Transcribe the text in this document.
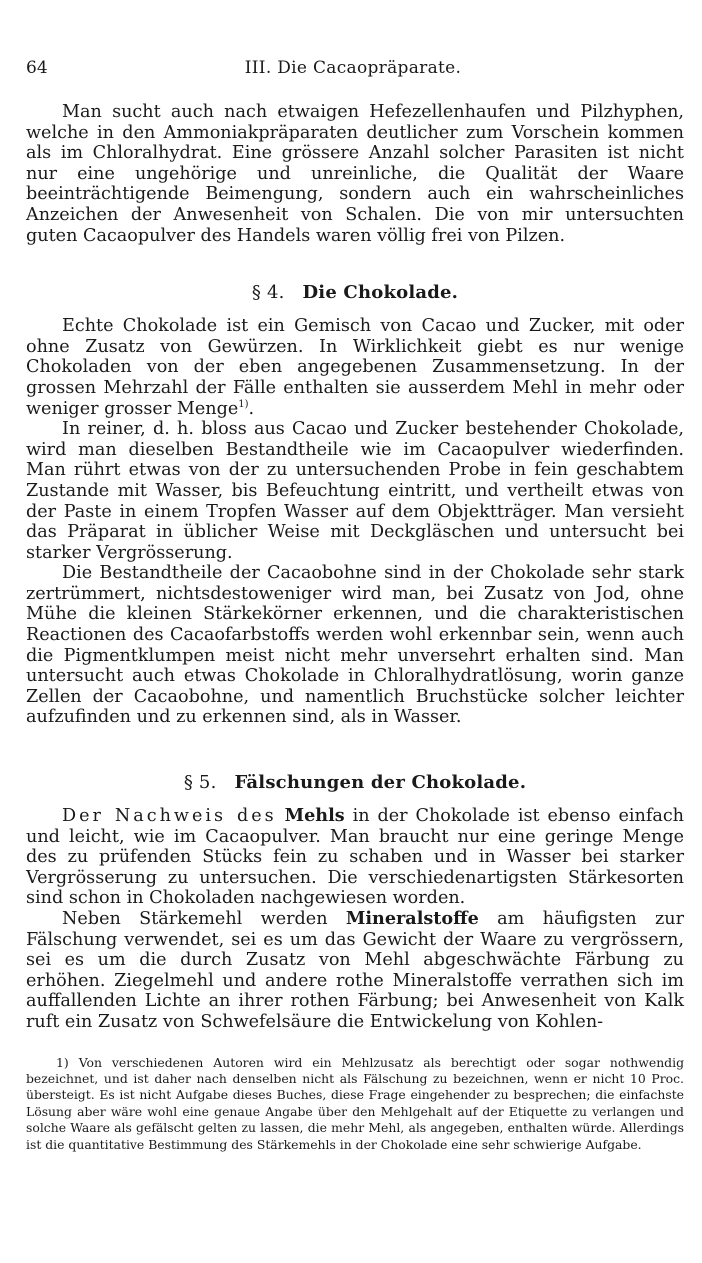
64	III. Die Cacaopräparate.

Man sucht auch nach etwaigen Hefezellenhaufen und Pilzhyphen, welche in den Ammoniakpräparaten deutlicher zum Vorschein kommen als im Chloralhydrat. Eine grössere Anzahl solcher Parasiten ist nicht nur eine ungehörige und unreinliche, die Qualität der Waare beeinträchtigende Beimengung, sondern auch ein wahrscheinliches Anzeichen der Anwesenheit von Schalen. Die von mir untersuchten guten Cacaopulver des Handels waren völlig frei von Pilzen.

§ 4. Die Chokolade.

Echte Chokolade ist ein Gemisch von Cacao und Zucker, mit oder ohne Zusatz von Gewürzen. In Wirklichkeit giebt es nur wenige Chokoladen von der eben angegebenen Zusammensetzung. In der grossen Mehrzahl der Fälle enthalten sie ausserdem Mehl in mehr oder weniger grosser Menge$^{1)}$.

In reiner, d. h. bloss aus Cacao und Zucker bestehender Chokolade, wird man dieselben Bestandtheile wie im Cacaopulver wiederfinden. Man rührt etwas von der zu untersuchenden Probe in fein geschabtem Zustande mit Wasser, bis Befeuchtung eintritt, und vertheilt etwas von der Paste in einem Tropfen Wasser auf dem Objektträger. Man versieht das Präparat in üblicher Weise mit Deckgläschen und untersucht bei starker Vergrösserung.

Die Bestandtheile der Cacaobohne sind in der Chokolade sehr stark zertrümmert, nichtsdestoweniger wird man, bei Zusatz von Jod, ohne Mühe die kleinen Stärkekörner erkennen, und die charakteristischen Reactionen des Cacaofarbstoffs werden wohl erkennbar sein, wenn auch die Pigmentklumpen meist nicht mehr unversehrt erhalten sind. Man untersucht auch etwas Chokolade in Chloralhydratlösung, worin ganze Zellen der Cacaobohne, und namentlich Bruchstücke solcher leichter aufzufinden und zu erkennen sind, als in Wasser.

§ 5. Fälschungen der Chokolade.

Der Nachweis des Mehls in der Chokolade ist ebenso einfach und leicht, wie im Cacaopulver. Man braucht nur eine geringe Menge des zu prüfenden Stücks fein zu schaben und in Wasser bei starker Vergrösserung zu untersuchen. Die verschiedenartigsten Stärkesorten sind schon in Chokoladen nachgewiesen worden.

Neben Stärkemehl werden Mineralstoffe am häufigsten zur Fälschung verwendet, sei es um das Gewicht der Waare zu vergrössern, sei es um die durch Zusatz von Mehl abgeschwächte Färbung zu erhöhen. Ziegelmehl und andere rothe Mineralstoffe verrathen sich im auffallenden Lichte an ihrer rothen Färbung; bei Anwesenheit von Kalk ruft ein Zusatz von Schwefelsäure die Entwickelung von Kohlen-

1) Von verschiedenen Autoren wird ein Mehlzusatz als berechtigt oder sogar nothwendig bezeichnet, und ist daher nach denselben nicht als Fälschung zu bezeichnen, wenn er nicht 10 Proc. übersteigt. Es ist nicht Aufgabe dieses Buches, diese Frage eingehender zu besprechen; die einfachste Lösung aber wäre wohl eine genaue Angabe über den Mehlgehalt auf der Etiquette zu verlangen und solche Waare als gefälscht gelten zu lassen, die mehr Mehl, als angegeben, enthalten würde. Allerdings ist die quantitative Bestimmung des Stärkemehls in der Chokolade eine sehr schwierige Aufgabe.
